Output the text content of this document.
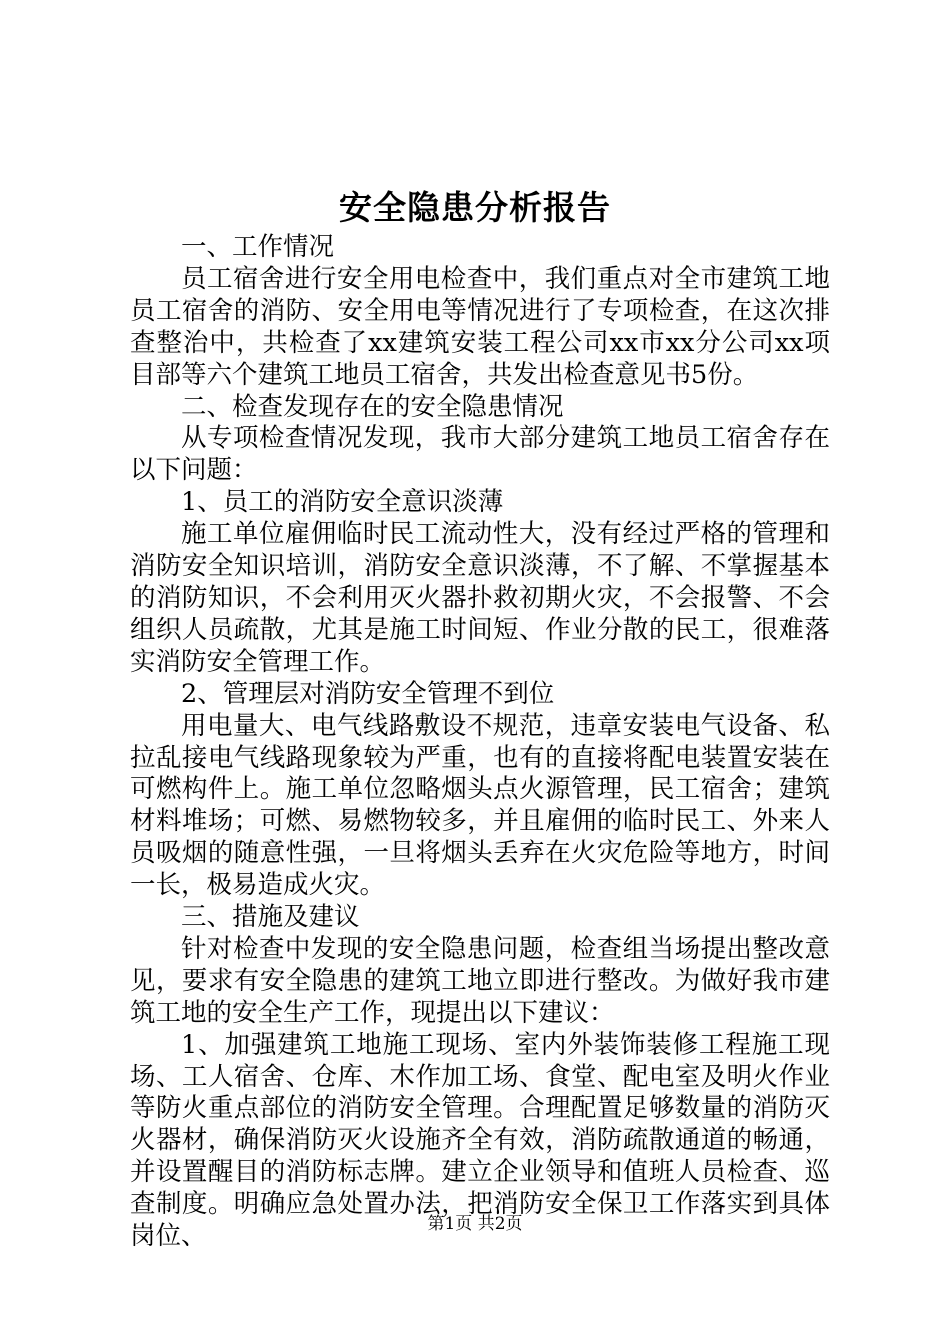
安全隐患分析报告

一、工作情况

员工宿舍进行安全用电检查中，我们重点对全市建筑工地员工宿舍的消防、安全用电等情况进行了专项检查，在这次排查整治中，共检查了xx建筑安装工程公司xx市xx分公司xx项目部等六个建筑工地员工宿舍，共发出检查意见书5份。

二、检查发现存在的安全隐患情况

从专项检查情况发现，我市大部分建筑工地员工宿舍存在以下问题：

1、员工的消防安全意识淡薄

施工单位雇佣临时民工流动性大，没有经过严格的管理和消防安全知识培训，消防安全意识淡薄，不了解、不掌握基本的消防知识，不会利用灭火器扑救初期火灾，不会报警、不会组织人员疏散，尤其是施工时间短、作业分散的民工，很难落实消防安全管理工作。

2、管理层对消防安全管理不到位

用电量大、电气线路敷设不规范，违章安装电气设备、私拉乱接电气线路现象较为严重，也有的直接将配电装置安装在可燃构件上。施工单位忽略烟头点火源管理，民工宿舍；建筑材料堆场；可燃、易燃物较多，并且雇佣的临时民工、外来人员吸烟的随意性强，一旦将烟头丢弃在火灾危险等地方，时间一长，极易造成火灾。

三、措施及建议

针对检查中发现的安全隐患问题，检查组当场提出整改意见，要求有安全隐患的建筑工地立即进行整改。为做好我市建筑工地的安全生产工作，现提出以下建议：

1、加强建筑工地施工现场、室内外装饰装修工程施工现场、工人宿舍、仓库、木作加工场、食堂、配电室及明火作业等防火重点部位的消防安全管理。合理配置足够数量的消防灭火器材，确保消防灭火设施齐全有效，消防疏散通道的畅通，并设置醒目的消防标志牌。建立企业领导和值班人员检查、巡查制度。明确应急处置办法，把消防安全保卫工作落实到具体岗位、	第1页 共2页
